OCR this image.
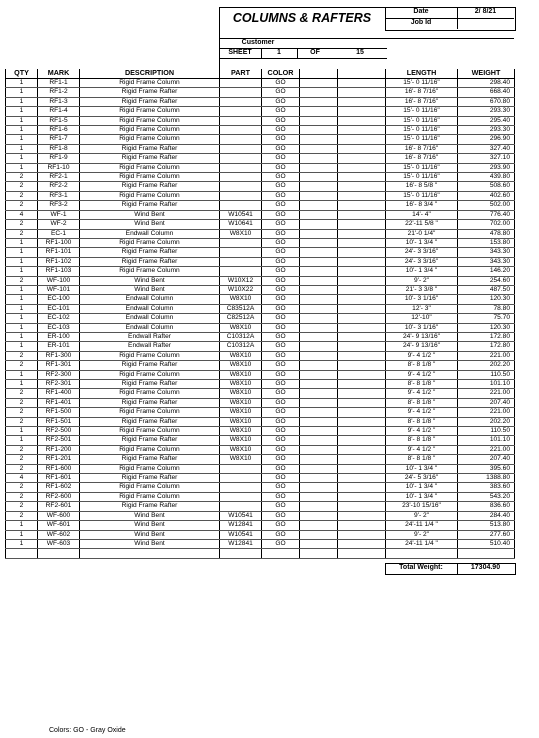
COLUMNS & RAFTERS	Date	2/ 8/21
Job Id
Customer
SHEET	1	OF	15
QTY	MARK	DESCRIPTION	PART	COLOR			LENGTH	WEIGHT
1	RF1-1	Rigid Frame Column		GO			15'- 0 11/16"	298.40
1	RF1-2	Rigid Frame Rafter		GO			16'- 8 7/16"	668.40
1	RF1-3	Rigid Frame Rafter		GO			16'- 8 7/16"	670.80
1	RF1-4	Rigid Frame Column		GO			15'- 0 11/16"	293.30
1	RF1-5	Rigid Frame Column		GO			15'- 0 11/16"	295.40
1	RF1-6	Rigid Frame Column		GO			15'- 0 11/16"	293.30
1	RF1-7	Rigid Frame Column		GO			15'- 0 11/16"	296.90
1	RF1-8	Rigid Frame Rafter		GO			16'- 8 7/16"	327.40
1	RF1-9	Rigid Frame Rafter		GO			16'- 8 7/16"	327.10
1	RF1-10	Rigid Frame Column		GO			15'- 0 11/16"	293.90
2	RF2-1	Rigid Frame Column		GO			15'- 0 11/16"	439.80
2	RF2-2	Rigid Frame Rafter		GO			16'- 8 5/8 "	508.60
2	RF3-1	Rigid Frame Column		GO			15'- 0 11/16"	402.60
2	RF3-2	Rigid Frame Rafter		GO			16'- 8 3/4 "	502.00
4	WF-1	Wind Bent	W10541	GO			14'- 4"	776.40
2	WF-2	Wind Bent	W10641	GO			22'-11 5/8 "	702.00
2	EC-1	Endwall Column	W8X10	GO			21'-0 1/4"	478.80
1	RF1-100	Rigid Frame Column		GO			10'- 1 3/4 "	153.80
1	RF1-101	Rigid Frame Rafter		GO			24'- 3 3/16"	343.30
1	RF1-102	Rigid Frame Rafter		GO			24'- 3 3/16"	343.30
1	RF1-103	Rigid Frame Column		GO			10'- 1 3/4 "	146.20
2	WF-100	Wind Bent	W10X12	GO			9'- 2"	254.60
1	WF-101	Wind Bent	W10X22	GO			21'- 3 3/8 "	487.50
1	EC-100	Endwall Column	W8X10	GO			10'- 3 1/16"	120.30
1	EC-101	Endwall Column	C83512A	GO			12'- 3"	78.80
1	EC-102	Endwall Column	C82512A	GO			12'-10"	75.70
1	EC-103	Endwall Column	W8X10	GO			10'- 3 1/16"	120.30
1	ER-100	Endwall Rafter	C10312A	GO			24'- 9 13/16"	172.80
1	ER-101	Endwall Rafter	C10312A	GO			24'- 9 13/16"	172.80
2	RF1-300	Rigid Frame Column	W8X10	GO			9'- 4 1/2 "	221.00
2	RF1-301	Rigid Frame Rafter	W8X10	GO			8'- 8 1/8 "	202.20
1	RF2-300	Rigid Frame Column	W8X10	GO			9'- 4 1/2 "	110.50
1	RF2-301	Rigid Frame Rafter	W8X10	GO			8'- 8 1/8 "	101.10
2	RF1-400	Rigid Frame Column	W8X10	GO			9'- 4 1/2 "	221.00
2	RF1-401	Rigid Frame Rafter	W8X10	GO			8'- 8 1/8 "	207.40
2	RF1-500	Rigid Frame Column	W8X10	GO			9'- 4 1/2 "	221.00
2	RF1-501	Rigid Frame Rafter	W8X10	GO			8'- 8 1/8 "	202.20
1	RF2-500	Rigid Frame Column	W8X10	GO			9'- 4 1/2 "	110.50
1	RF2-501	Rigid Frame Rafter	W8X10	GO			8'- 8 1/8 "	101.10
2	RF1-200	Rigid Frame Column	W8X10	GO			9'- 4 1/2 "	221.00
2	RF1-201	Rigid Frame Rafter	W8X10	GO			8'- 8 1/8 "	207.40
2	RF1-600	Rigid Frame Column		GO			10'- 1 3/4 "	395.60
4	RF1-601	Rigid Frame Rafter		GO			24'- 5 3/16"	1388.80
2	RF1-602	Rigid Frame Column		GO			10'- 1 3/4 "	383.60
2	RF2-600	Rigid Frame Column		GO			10'- 1 3/4 "	543.20
2	RF2-601	Rigid Frame Rafter		GO			23'-10 15/16"	836.60
2	WF-600	Wind Bent	W10541	GO			9'- 2"	284.40
1	WF-601	Wind Bent	W12841	GO			24'-11 1/4 "	513.80
1	WF-602	Wind Bent	W10541	GO			9'- 2"	277.60
1	WF-603	Wind Bent	W12841	GO			24'-11 1/4 "	510.40

Total Weight:	17304.90
Colors: GO - Gray Oxide
